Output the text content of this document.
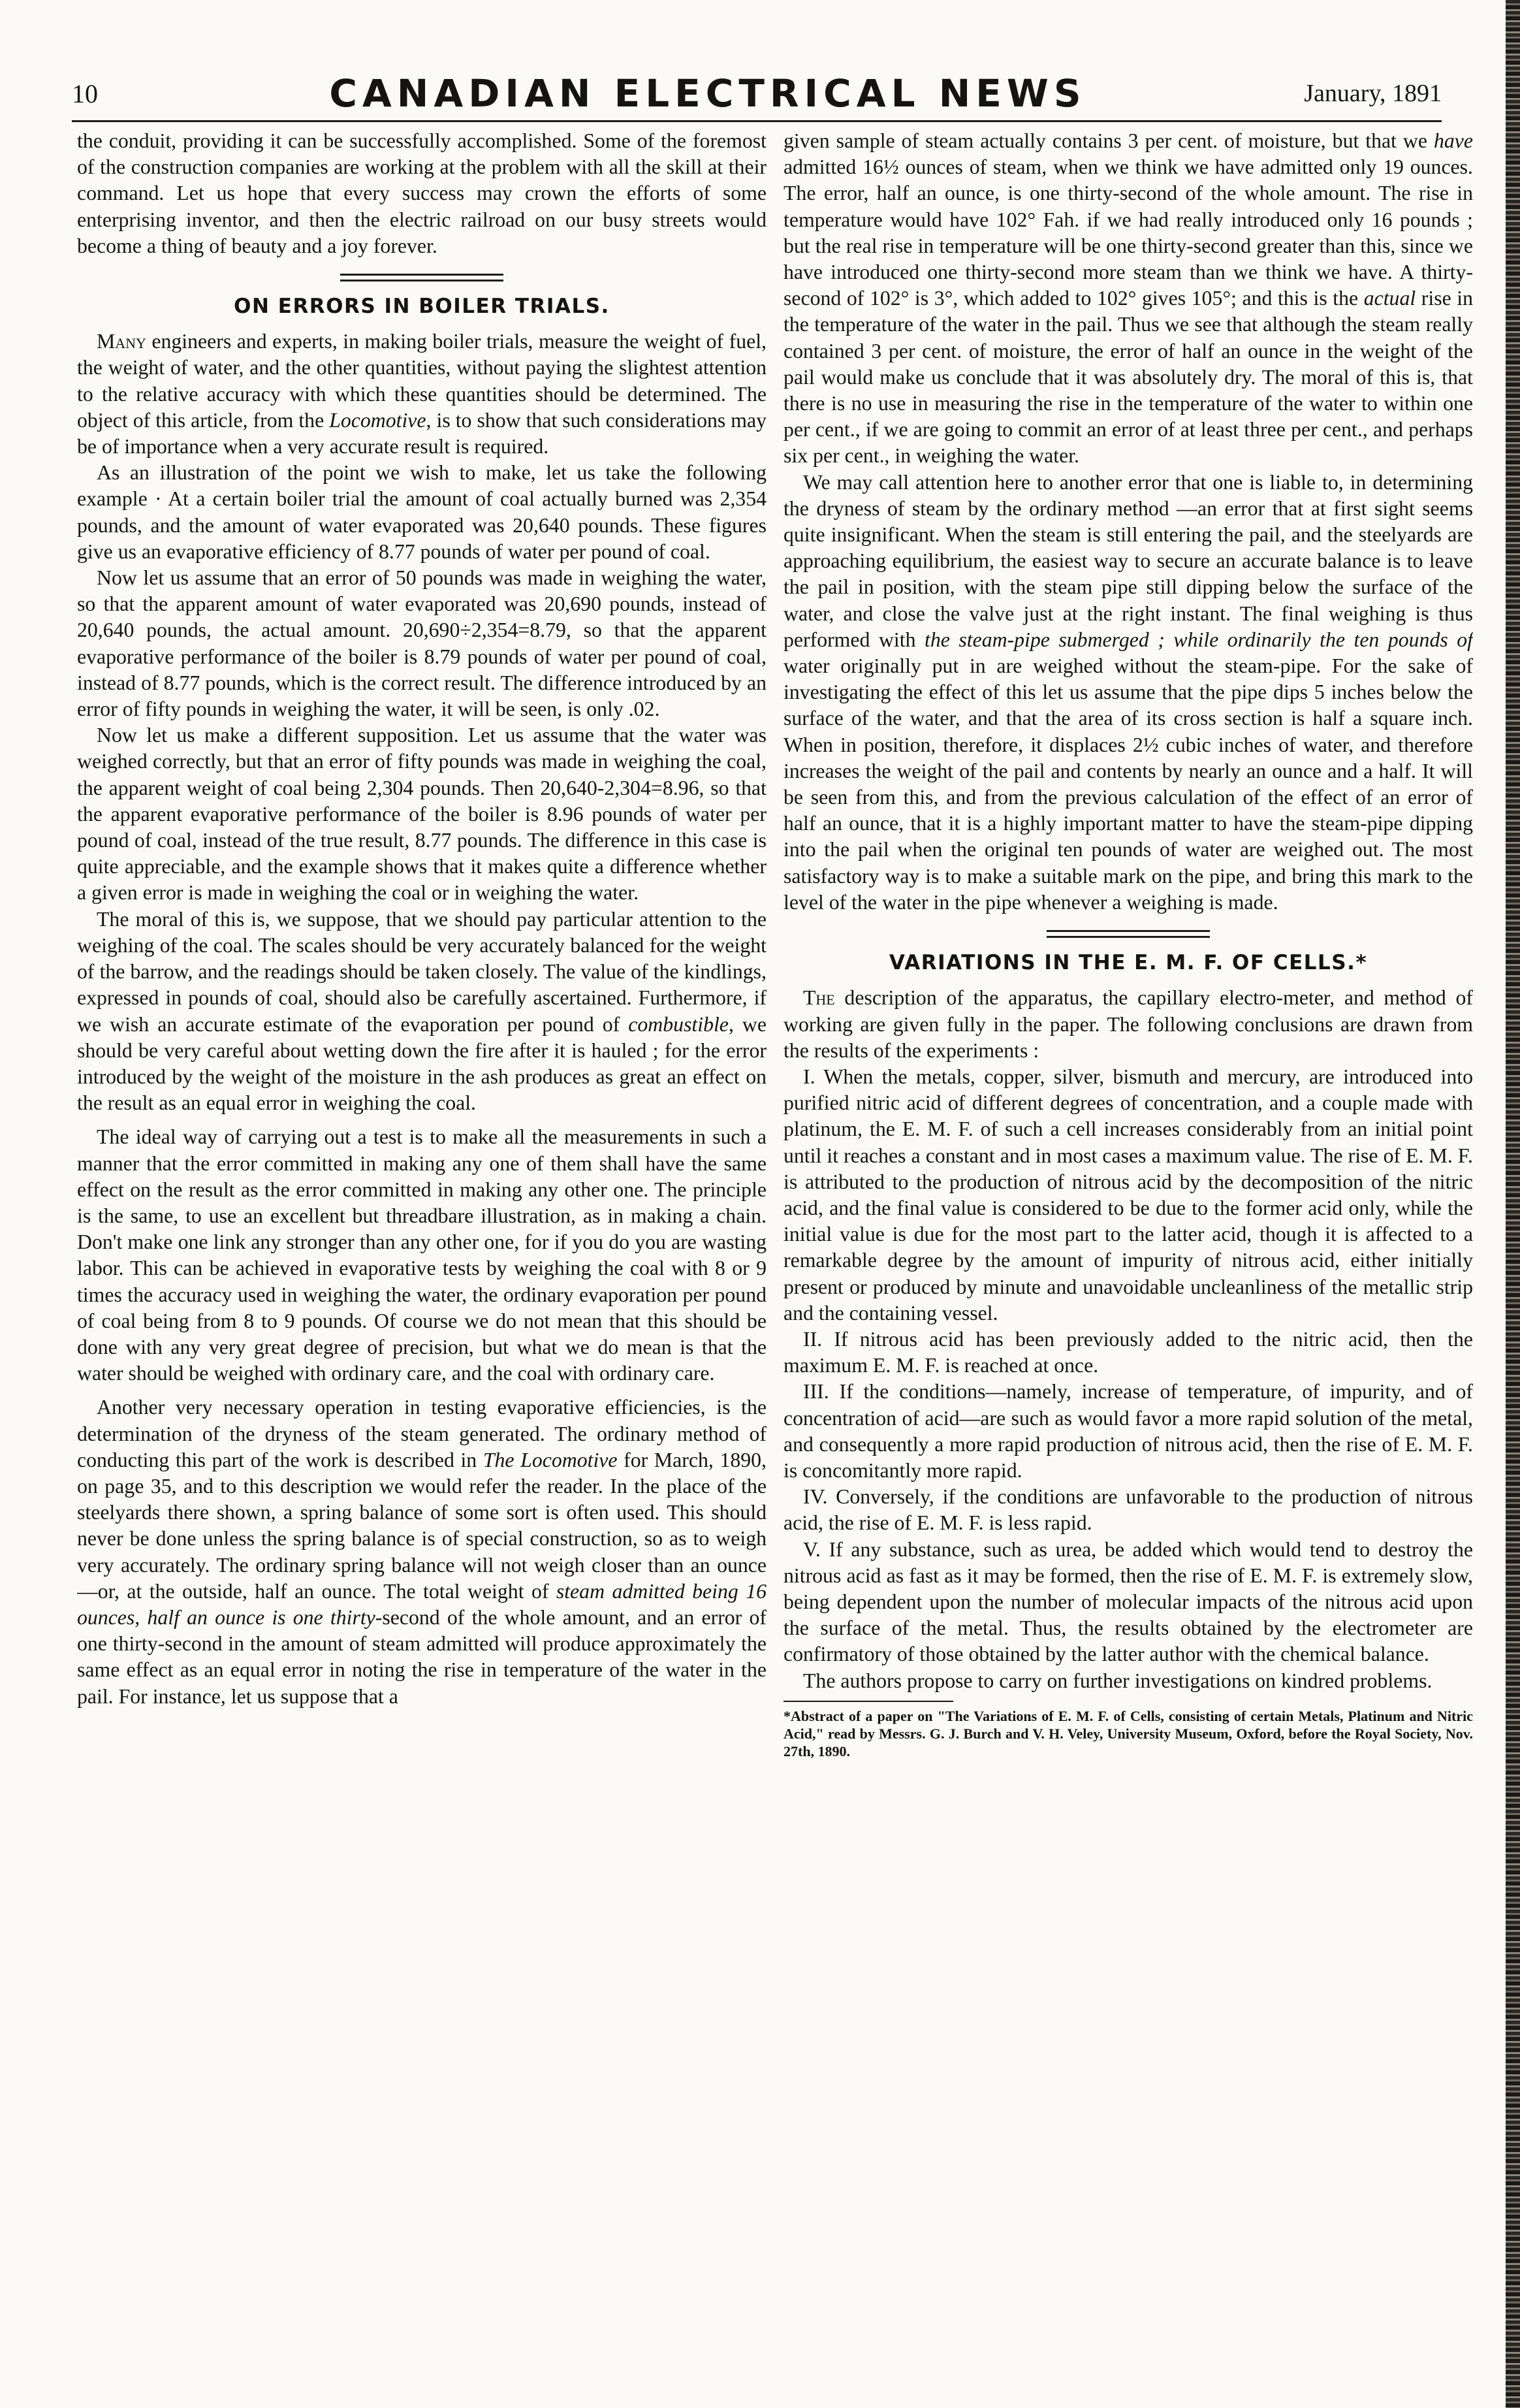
10	CANADIAN ELECTRICAL NEWS	January, 1891

the conduit, providing it can be successfully accomplished. Some of the foremost of the construction companies are working at the problem with all the skill at their command. Let us hope that every success may crown the efforts of some enterprising inventor, and then the electric railroad on our busy streets would become a thing of beauty and a joy forever.

ON ERRORS IN BOILER TRIALS.

Many engineers and experts, in making boiler trials, measure the weight of fuel, the weight of water, and the other quantities, without paying the slightest attention to the relative accuracy with which these quantities should be determined. The object of this article, from the Locomotive, is to show that such considerations may be of importance when a very accurate result is required.

As an illustration of the point we wish to make, let us take the following example · At a certain boiler trial the amount of coal actually burned was 2,354 pounds, and the amount of water evaporated was 20,640 pounds. These figures give us an evaporative efficiency of 8.77 pounds of water per pound of coal.

Now let us assume that an error of 50 pounds was made in weighing the water, so that the apparent amount of water evaporated was 20,690 pounds, instead of 20,640 pounds, the actual amount. 20,690÷2,354=8.79, so that the apparent evaporative performance of the boiler is 8.79 pounds of water per pound of coal, instead of 8.77 pounds, which is the correct result. The difference introduced by an error of fifty pounds in weighing the water, it will be seen, is only .02.

Now let us make a different supposition. Let us assume that the water was weighed correctly, but that an error of fifty pounds was made in weighing the coal, the apparent weight of coal being 2,304 pounds. Then 20,640-2,304=8.96, so that the apparent evaporative performance of the boiler is 8.96 pounds of water per pound of coal, instead of the true result, 8.77 pounds. The difference in this case is quite appreciable, and the example shows that it makes quite a difference whether a given error is made in weighing the coal or in weighing the water.

The moral of this is, we suppose, that we should pay particular attention to the weighing of the coal. The scales should be very accurately balanced for the weight of the barrow, and the readings should be taken closely. The value of the kindlings, expressed in pounds of coal, should also be carefully ascertained. Furthermore, if we wish an accurate estimate of the evaporation per pound of combustible, we should be very careful about wetting down the fire after it is hauled ; for the error introduced by the weight of the moisture in the ash produces as great an effect on the result as an equal error in weighing the coal.

The ideal way of carrying out a test is to make all the measurements in such a manner that the error committed in making any one of them shall have the same effect on the result as the error committed in making any other one. The principle is the same, to use an excellent but threadbare illustration, as in making a chain. Don't make one link any stronger than any other one, for if you do you are wasting labor. This can be achieved in evaporative tests by weighing the coal with 8 or 9 times the accuracy used in weighing the water, the ordinary evaporation per pound of coal being from 8 to 9 pounds. Of course we do not mean that this should be done with any very great degree of precision, but what we do mean is that the water should be weighed with ordinary care, and the coal with ordinary care.

Another very necessary operation in testing evaporative efficiencies, is the determination of the dryness of the steam generated. The ordinary method of conducting this part of the work is described in The Locomotive for March, 1890, on page 35, and to this description we would refer the reader. In the place of the steelyards there shown, a spring balance of some sort is often used. This should never be done unless the spring balance is of special construction, so as to weigh very accurately. The ordinary spring balance will not weigh closer than an ounce—or, at the outside, half an ounce. The total weight of steam admitted being 16 ounces, half an ounce is one thirty-second of the whole amount, and an error of one thirty-second in the amount of steam admitted will produce approximately the same effect as an equal error in noting the rise in temperature of the water in the pail. For instance, let us suppose that a

given sample of steam actually contains 3 per cent. of moisture, but that we have admitted 16½ ounces of steam, when we think we have admitted only 19 ounces. The error, half an ounce, is one thirty-second of the whole amount. The rise in temperature would have 102° Fah. if we had really introduced only 16 pounds ; but the real rise in temperature will be one thirty-second greater than this, since we have introduced one thirty-second more steam than we think we have. A thirty-second of 102° is 3°, which added to 102° gives 105°; and this is the actual rise in the temperature of the water in the pail. Thus we see that although the steam really contained 3 per cent. of moisture, the error of half an ounce in the weight of the pail would make us conclude that it was absolutely dry. The moral of this is, that there is no use in measuring the rise in the temperature of the water to within one per cent., if we are going to commit an error of at least three per cent., and perhaps six per cent., in weighing the water.

We may call attention here to another error that one is liable to, in determining the dryness of steam by the ordinary method —an error that at first sight seems quite insignificant. When the steam is still entering the pail, and the steelyards are approaching equilibrium, the easiest way to secure an accurate balance is to leave the pail in position, with the steam pipe still dipping below the surface of the water, and close the valve just at the right instant. The final weighing is thus performed with the steam-pipe submerged ; while ordinarily the ten pounds of water originally put in are weighed without the steam-pipe. For the sake of investigating the effect of this let us assume that the pipe dips 5 inches below the surface of the water, and that the area of its cross section is half a square inch. When in position, therefore, it displaces 2½ cubic inches of water, and therefore increases the weight of the pail and contents by nearly an ounce and a half. It will be seen from this, and from the previous calculation of the effect of an error of half an ounce, that it is a highly important matter to have the steam-pipe dipping into the pail when the original ten pounds of water are weighed out. The most satisfactory way is to make a suitable mark on the pipe, and bring this mark to the level of the water in the pipe whenever a weighing is made.

VARIATIONS IN THE E. M. F. OF CELLS.*

The description of the apparatus, the capillary electro-meter, and method of working are given fully in the paper. The following conclusions are drawn from the results of the experiments :

I. When the metals, copper, silver, bismuth and mercury, are introduced into purified nitric acid of different degrees of concentration, and a couple made with platinum, the E. M. F. of such a cell increases considerably from an initial point until it reaches a constant and in most cases a maximum value. The rise of E. M. F. is attributed to the production of nitrous acid by the decomposition of the nitric acid, and the final value is considered to be due to the former acid only, while the initial value is due for the most part to the latter acid, though it is affected to a remarkable degree by the amount of impurity of nitrous acid, either initially present or produced by minute and unavoidable uncleanliness of the metallic strip and the containing vessel.

II. If nitrous acid has been previously added to the nitric acid, then the maximum E. M. F. is reached at once.

III. If the conditions—namely, increase of temperature, of impurity, and of concentration of acid—are such as would favor a more rapid solution of the metal, and consequently a more rapid production of nitrous acid, then the rise of E. M. F. is concomitantly more rapid.

IV. Conversely, if the conditions are unfavorable to the production of nitrous acid, the rise of E. M. F. is less rapid.

V. If any substance, such as urea, be added which would tend to destroy the nitrous acid as fast as it may be formed, then the rise of E. M. F. is extremely slow, being dependent upon the number of molecular impacts of the nitrous acid upon the surface of the metal. Thus, the results obtained by the electrometer are confirmatory of those obtained by the latter author with the chemical balance.

The authors propose to carry on further investigations on kindred problems.

*Abstract of a paper on "The Variations of E. M. F. of Cells, consisting of certain Metals, Platinum and Nitric Acid," read by Messrs. G. J. Burch and V. H. Veley, University Museum, Oxford, before the Royal Society, Nov. 27th, 1890.
